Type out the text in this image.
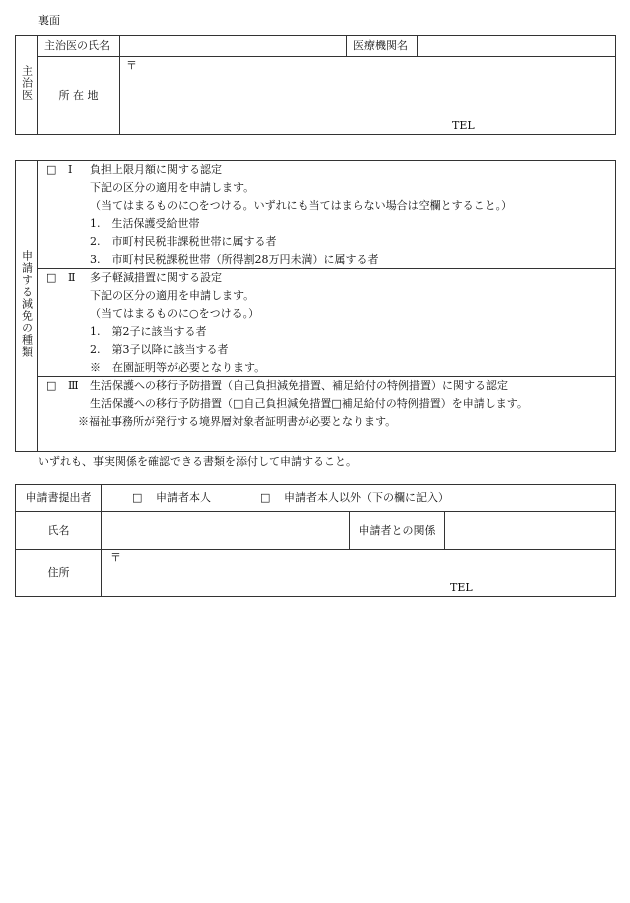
裏面
主治医	主治医の氏名		医療機関名	
	所 在 地	〒
TEL		
申請する減免の種類	
□ Ⅰ 負担上限月額に関する認定
下記の区分の適用を申請します。
（当てはまるものに○をつける。いずれにも当てはまらない場合は空欄とすること。）
1.　生活保護受給世帯
2.　市町村民税非課税世帯に属する者
3.　市町村民税課税世帯（所得割28万円未満）に属する者

□ Ⅱ 多子軽減措置に関する設定
下記の区分の適用を申請します。
（当てはまるものに○をつける。）
1.　第2子に該当する者
2.　第3子以降に該当する者
※　在園証明等が必要となります。

□ Ⅲ 生活保護への移行予防措置（自己負担減免措置、補足給付の特例措置）に関する認定
生活保護への移行予防措置（□自己負担減免措置□補足給付の特例措置）を申請します。
※福祉事務所が発行する境界層対象者証明書が必要となります。
いずれも、事実関係を確認できる書類を添付して申請すること。
申請書提出者	□ 申請者本人 □ 申請者本人以外（下の欄に記入）		

氏名		申請者との関係	
住所	〒
TEL		
